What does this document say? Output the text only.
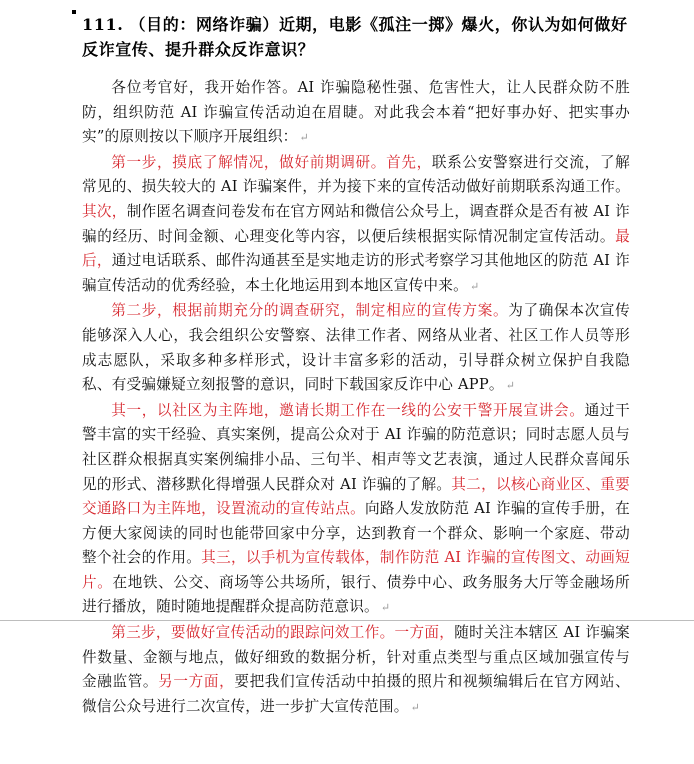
111. （目的：网络诈骗）近期，电影《孤注一掷》爆火，你认为如何做好反诈宣传、提升群众反诈意识？

各位考官好，我开始作答。AI 诈骗隐秘性强、危害性大，让人民群众防不胜防，组织防范 AI 诈骗宣传活动迫在眉睫。对此我会本着“把好事办好、把实事办实”的原则按以下顺序开展组织： ↵

第一步，摸底了解情况，做好前期调研。首先，联系公安警察进行交流，了解常见的、损失较大的 AI 诈骗案件，并为接下来的宣传活动做好前期联系沟通工作。其次，制作匿名调查问卷发布在官方网站和微信公众号上，调查群众是否有被 AI 诈骗的经历、时间金额、心理变化等内容，以便后续根据实际情况制定宣传活动。最后，通过电话联系、邮件沟通甚至是实地走访的形式考察学习其他地区的防范 AI 诈骗宣传活动的优秀经验，本土化地运用到本地区宣传中来。 ↵

第二步，根据前期充分的调查研究，制定相应的宣传方案。为了确保本次宣传能够深入人心，我会组织公安警察、法律工作者、网络从业者、社区工作人员等形成志愿队，采取多种多样形式，设计丰富多彩的活动，引导群众树立保护自我隐私、有受骗嫌疑立刻报警的意识，同时下载国家反诈中心 APP。 ↵

其一，以社区为主阵地，邀请长期工作在一线的公安干警开展宣讲会。通过干警丰富的实干经验、真实案例，提高公众对于 AI 诈骗的防范意识；同时志愿人员与社区群众根据真实案例编排小品、三句半、相声等文艺表演，通过人民群众喜闻乐见的形式、潜移默化得增强人民群众对 AI 诈骗的了解。其二，以核心商业区、重要交通路口为主阵地，设置流动的宣传站点。向路人发放防范 AI 诈骗的宣传手册，在方便大家阅读的同时也能带回家中分享，达到教育一个群众、影响一个家庭、带动整个社会的作用。其三，以手机为宣传载体，制作防范 AI 诈骗的宣传图文、动画短片。在地铁、公交、商场等公共场所，银行、债券中心、政务服务大厅等金融场所进行播放，随时随地提醒群众提高防范意识。 ↵

第三步，要做好宣传活动的跟踪问效工作。一方面，随时关注本辖区 AI 诈骗案件数量、金额与地点，做好细致的数据分析，针对重点类型与重点区域加强宣传与金融监管。另一方面，要把我们宣传活动中拍摄的照片和视频编辑后在官方网站、微信公众号进行二次宣传，进一步扩大宣传范围。 ↵
